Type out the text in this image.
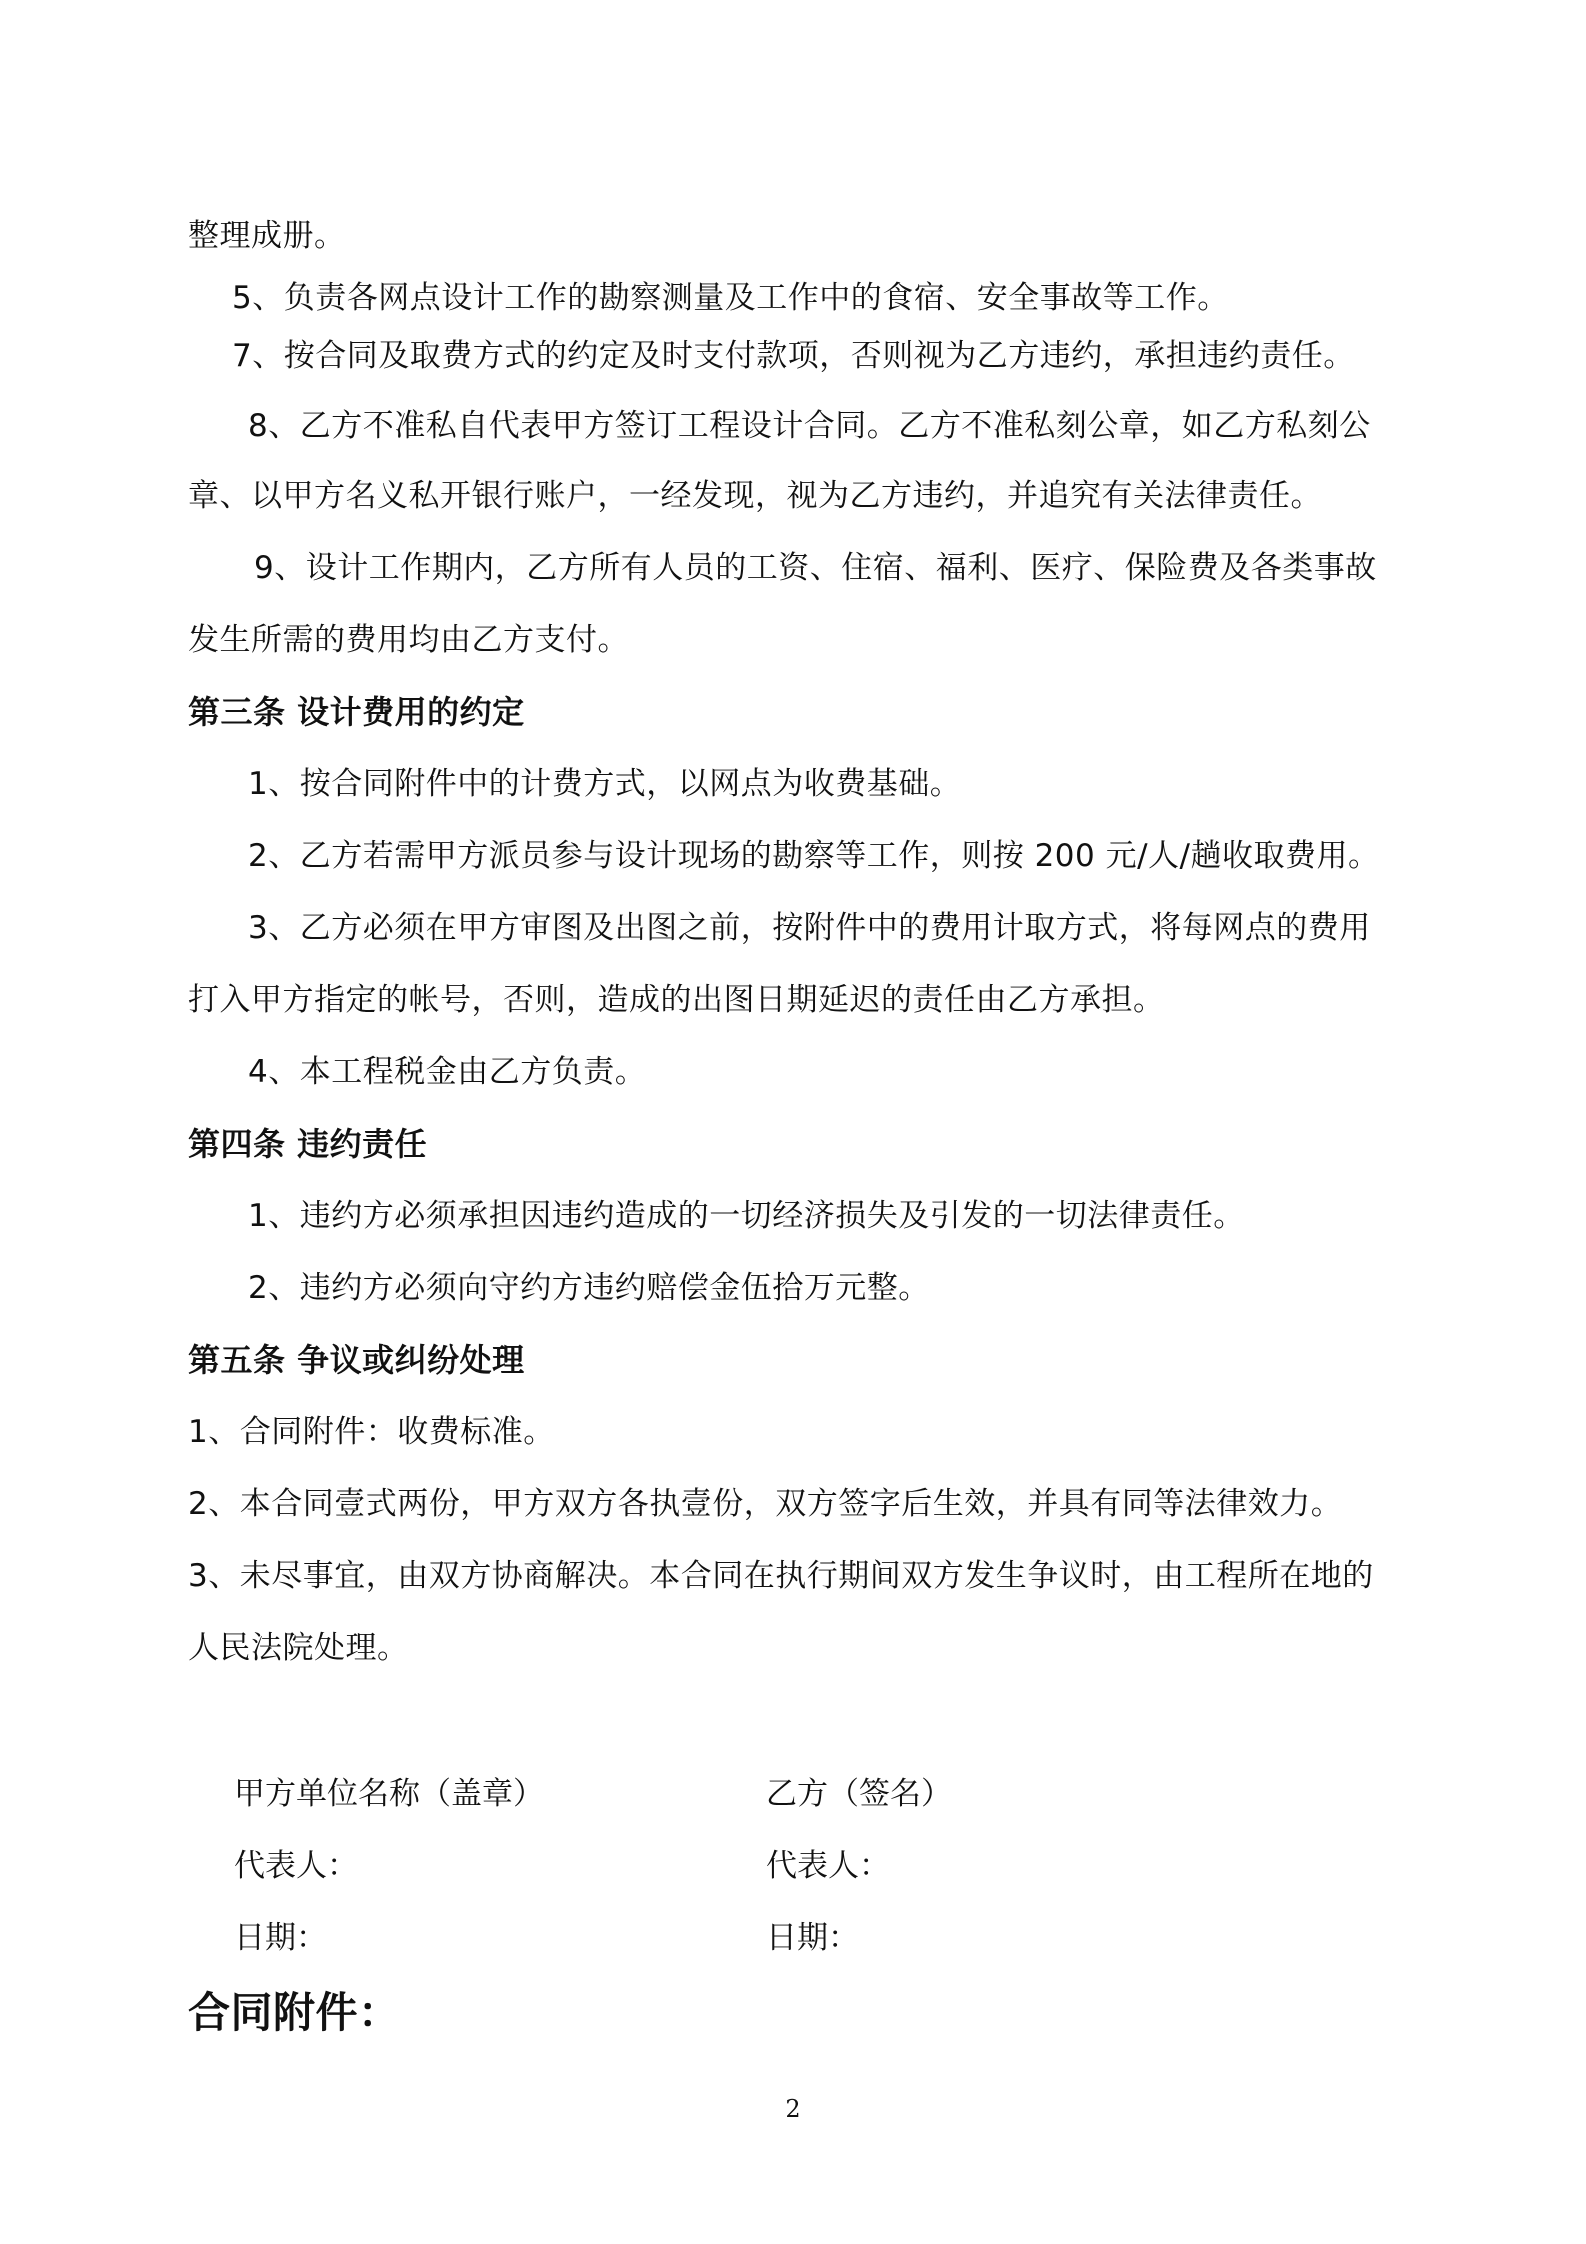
整理成册。
5、负责各网点设计工作的勘察测量及工作中的食宿、安全事故等工作。
7、按合同及取费方式的约定及时支付款项，否则视为乙方违约，承担违约责任。
8、乙方不准私自代表甲方签订工程设计合同。乙方不准私刻公章，如乙方私刻公
章、以甲方名义私开银行账户，一经发现，视为乙方违约，并追究有关法律责任。
9、设计工作期内，乙方所有人员的工资、住宿、福利、医疗、保险费及各类事故
发生所需的费用均由乙方支付。
第三条 设计费用的约定
1、按合同附件中的计费方式，以网点为收费基础。
2、乙方若需甲方派员参与设计现场的勘察等工作，则按 200 元/人/趟收取费用。
3、乙方必须在甲方审图及出图之前，按附件中的费用计取方式，将每网点的费用
打入甲方指定的帐号，否则，造成的出图日期延迟的责任由乙方承担。
4、本工程税金由乙方负责。
第四条 违约责任
1、违约方必须承担因违约造成的一切经济损失及引发的一切法律责任。
2、违约方必须向守约方违约赔偿金伍拾万元整。
第五条 争议或纠纷处理
1、合同附件：收费标准。
2、本合同壹式两份，甲方双方各执壹份，双方签字后生效，并具有同等法律效力。
3、未尽事宜，由双方协商解决。本合同在执行期间双方发生争议时，由工程所在地的
人民法院处理。
甲方单位名称（盖章）	乙方（签名）
代表人：	代表人：
日期：	日期：
合同附件：
2
